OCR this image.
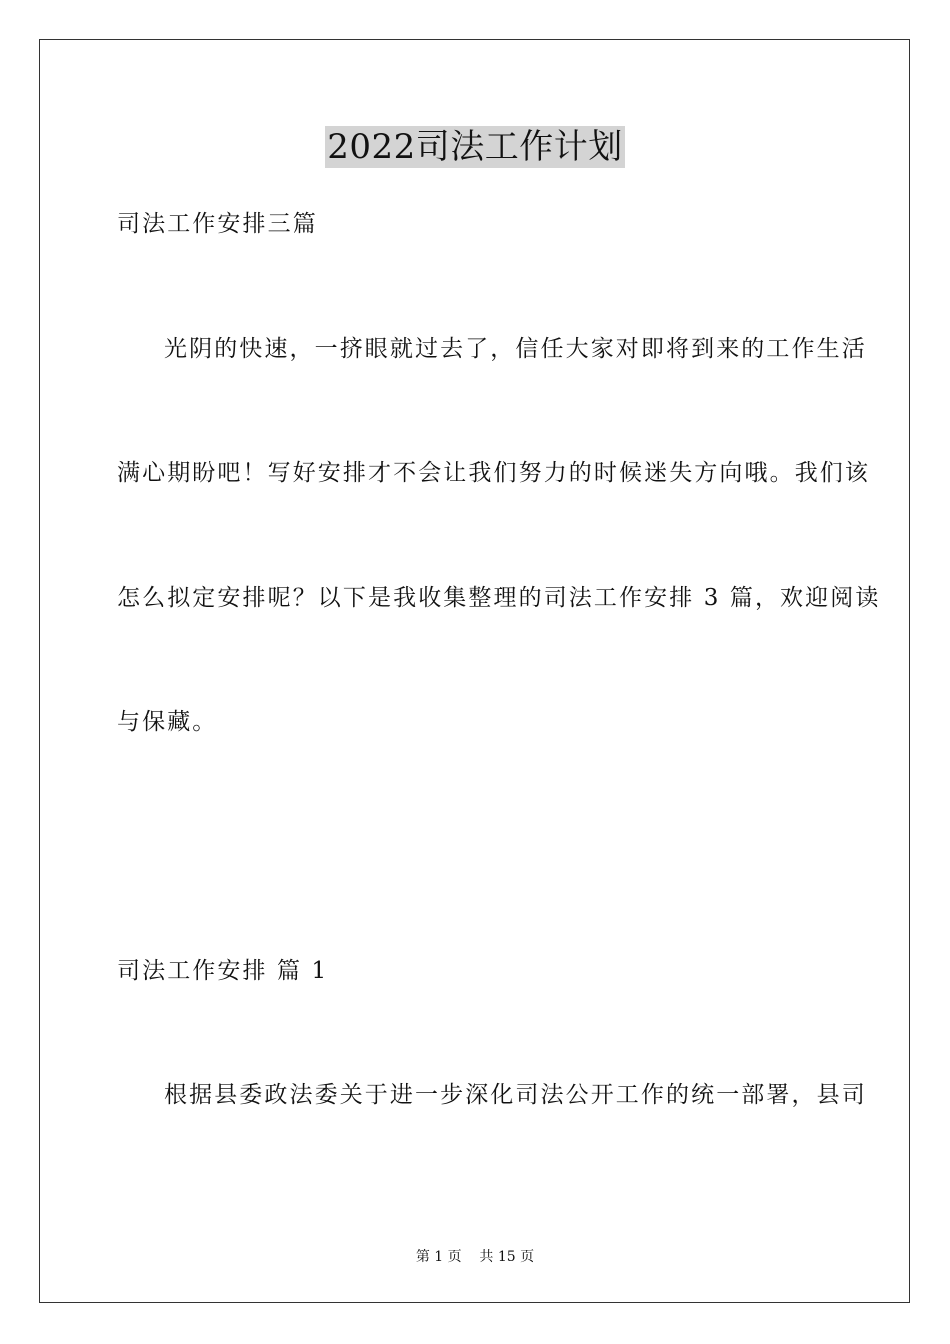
2022司法工作计划
司法工作安排三篇
光阴的快速，一挤眼就过去了，信任大家对即将到来的工作生活
满心期盼吧！写好安排才不会让我们努力的时候迷失方向哦。我们该
怎么拟定安排呢？以下是我收集整理的司法工作安排 3 篇，欢迎阅读
与保藏。
司法工作安排 篇 1
根据县委政法委关于进一步深化司法公开工作的统一部署，县司
第 1 页    共 15 页
